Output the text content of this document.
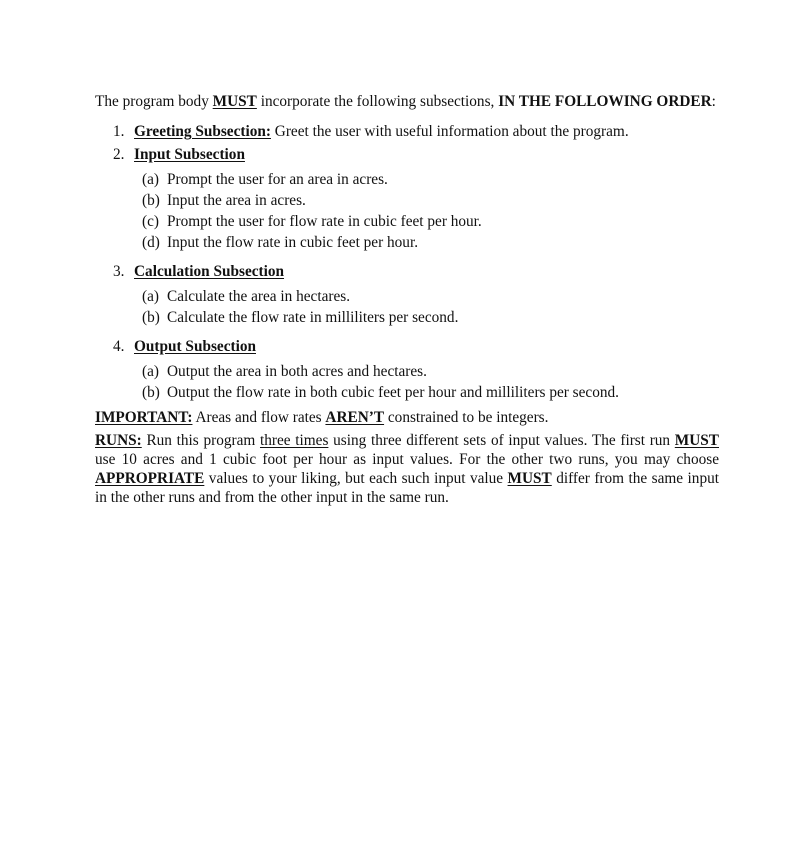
The program body MUST incorporate the following subsections, IN THE FOLLOWING ORDER:

1. Greeting Subsection: Greet the user with useful information about the program.
2. Input Subsection
(a) Prompt the user for an area in acres.
(b) Input the area in acres.
(c) Prompt the user for flow rate in cubic feet per hour.
(d) Input the flow rate in cubic feet per hour.
3. Calculation Subsection
(a) Calculate the area in hectares.
(b) Calculate the flow rate in milliliters per second.
4. Output Subsection
(a) Output the area in both acres and hectares.
(b) Output the flow rate in both cubic feet per hour and milliliters per second.

IMPORTANT: Areas and flow rates AREN’T constrained to be integers.

RUNS: Run this program three times using three different sets of input values. The first run MUST use 10 acres and 1 cubic foot per hour as input values. For the other two runs, you may choose APPROPRIATE values to your liking, but each such input value MUST differ from the same input in the other runs and from the other input in the same run.
